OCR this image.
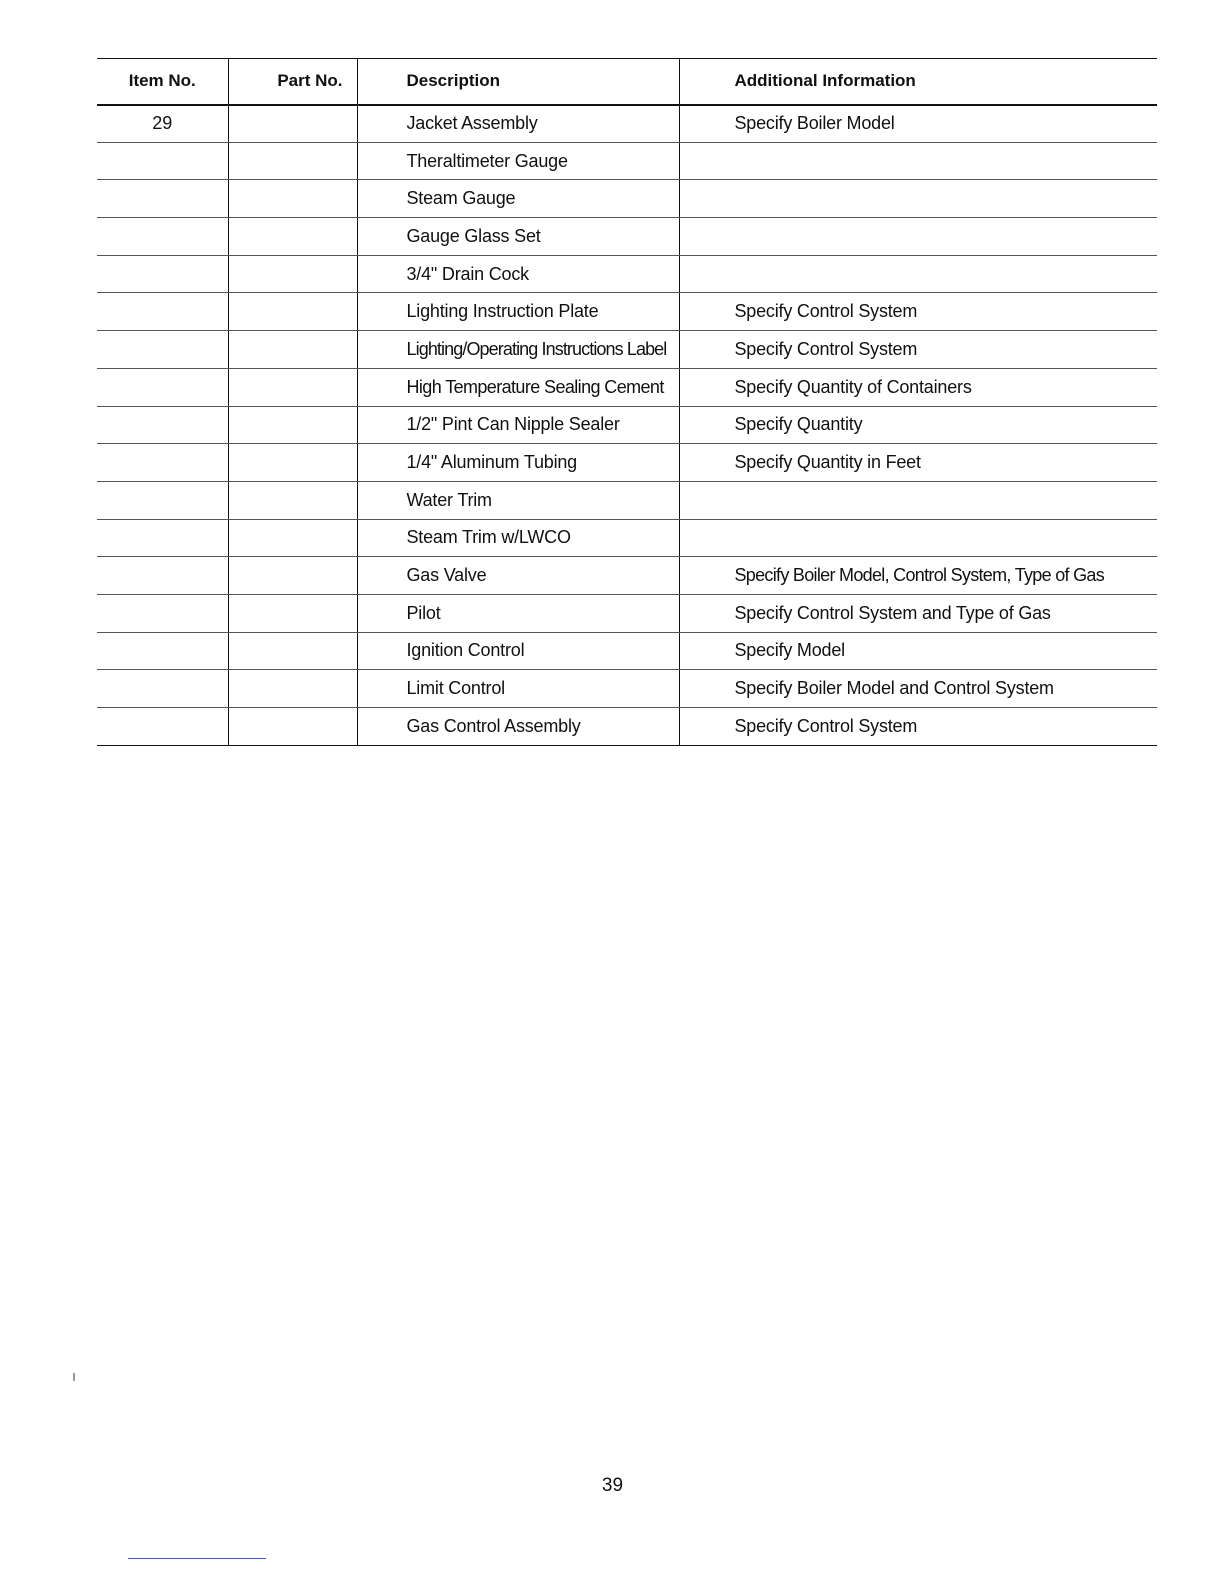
Item No.	Part No.	Description	Additional Information
29		Jacket Assembly	Specify Boiler Model
		Theraltimeter Gauge	
		Steam Gauge	
		Gauge Glass Set	
		3/4" Drain Cock	
		Lighting Instruction Plate	Specify Control System
		Lighting/Operating Instructions Label	Specify Control System
		High Temperature Sealing Cement	Specify Quantity of Containers
		1/2" Pint Can Nipple Sealer	Specify Quantity
		1/4" Aluminum Tubing	Specify Quantity in Feet
		Water Trim	
		Steam Trim w/LWCO	
		Gas Valve	Specify Boiler Model, Control System, Type of Gas
		Pilot	Specify Control System and Type of Gas
		Ignition Control	Specify Model
		Limit Control	Specify Boiler Model and Control System
		Gas Control Assembly	Specify Control System
39
